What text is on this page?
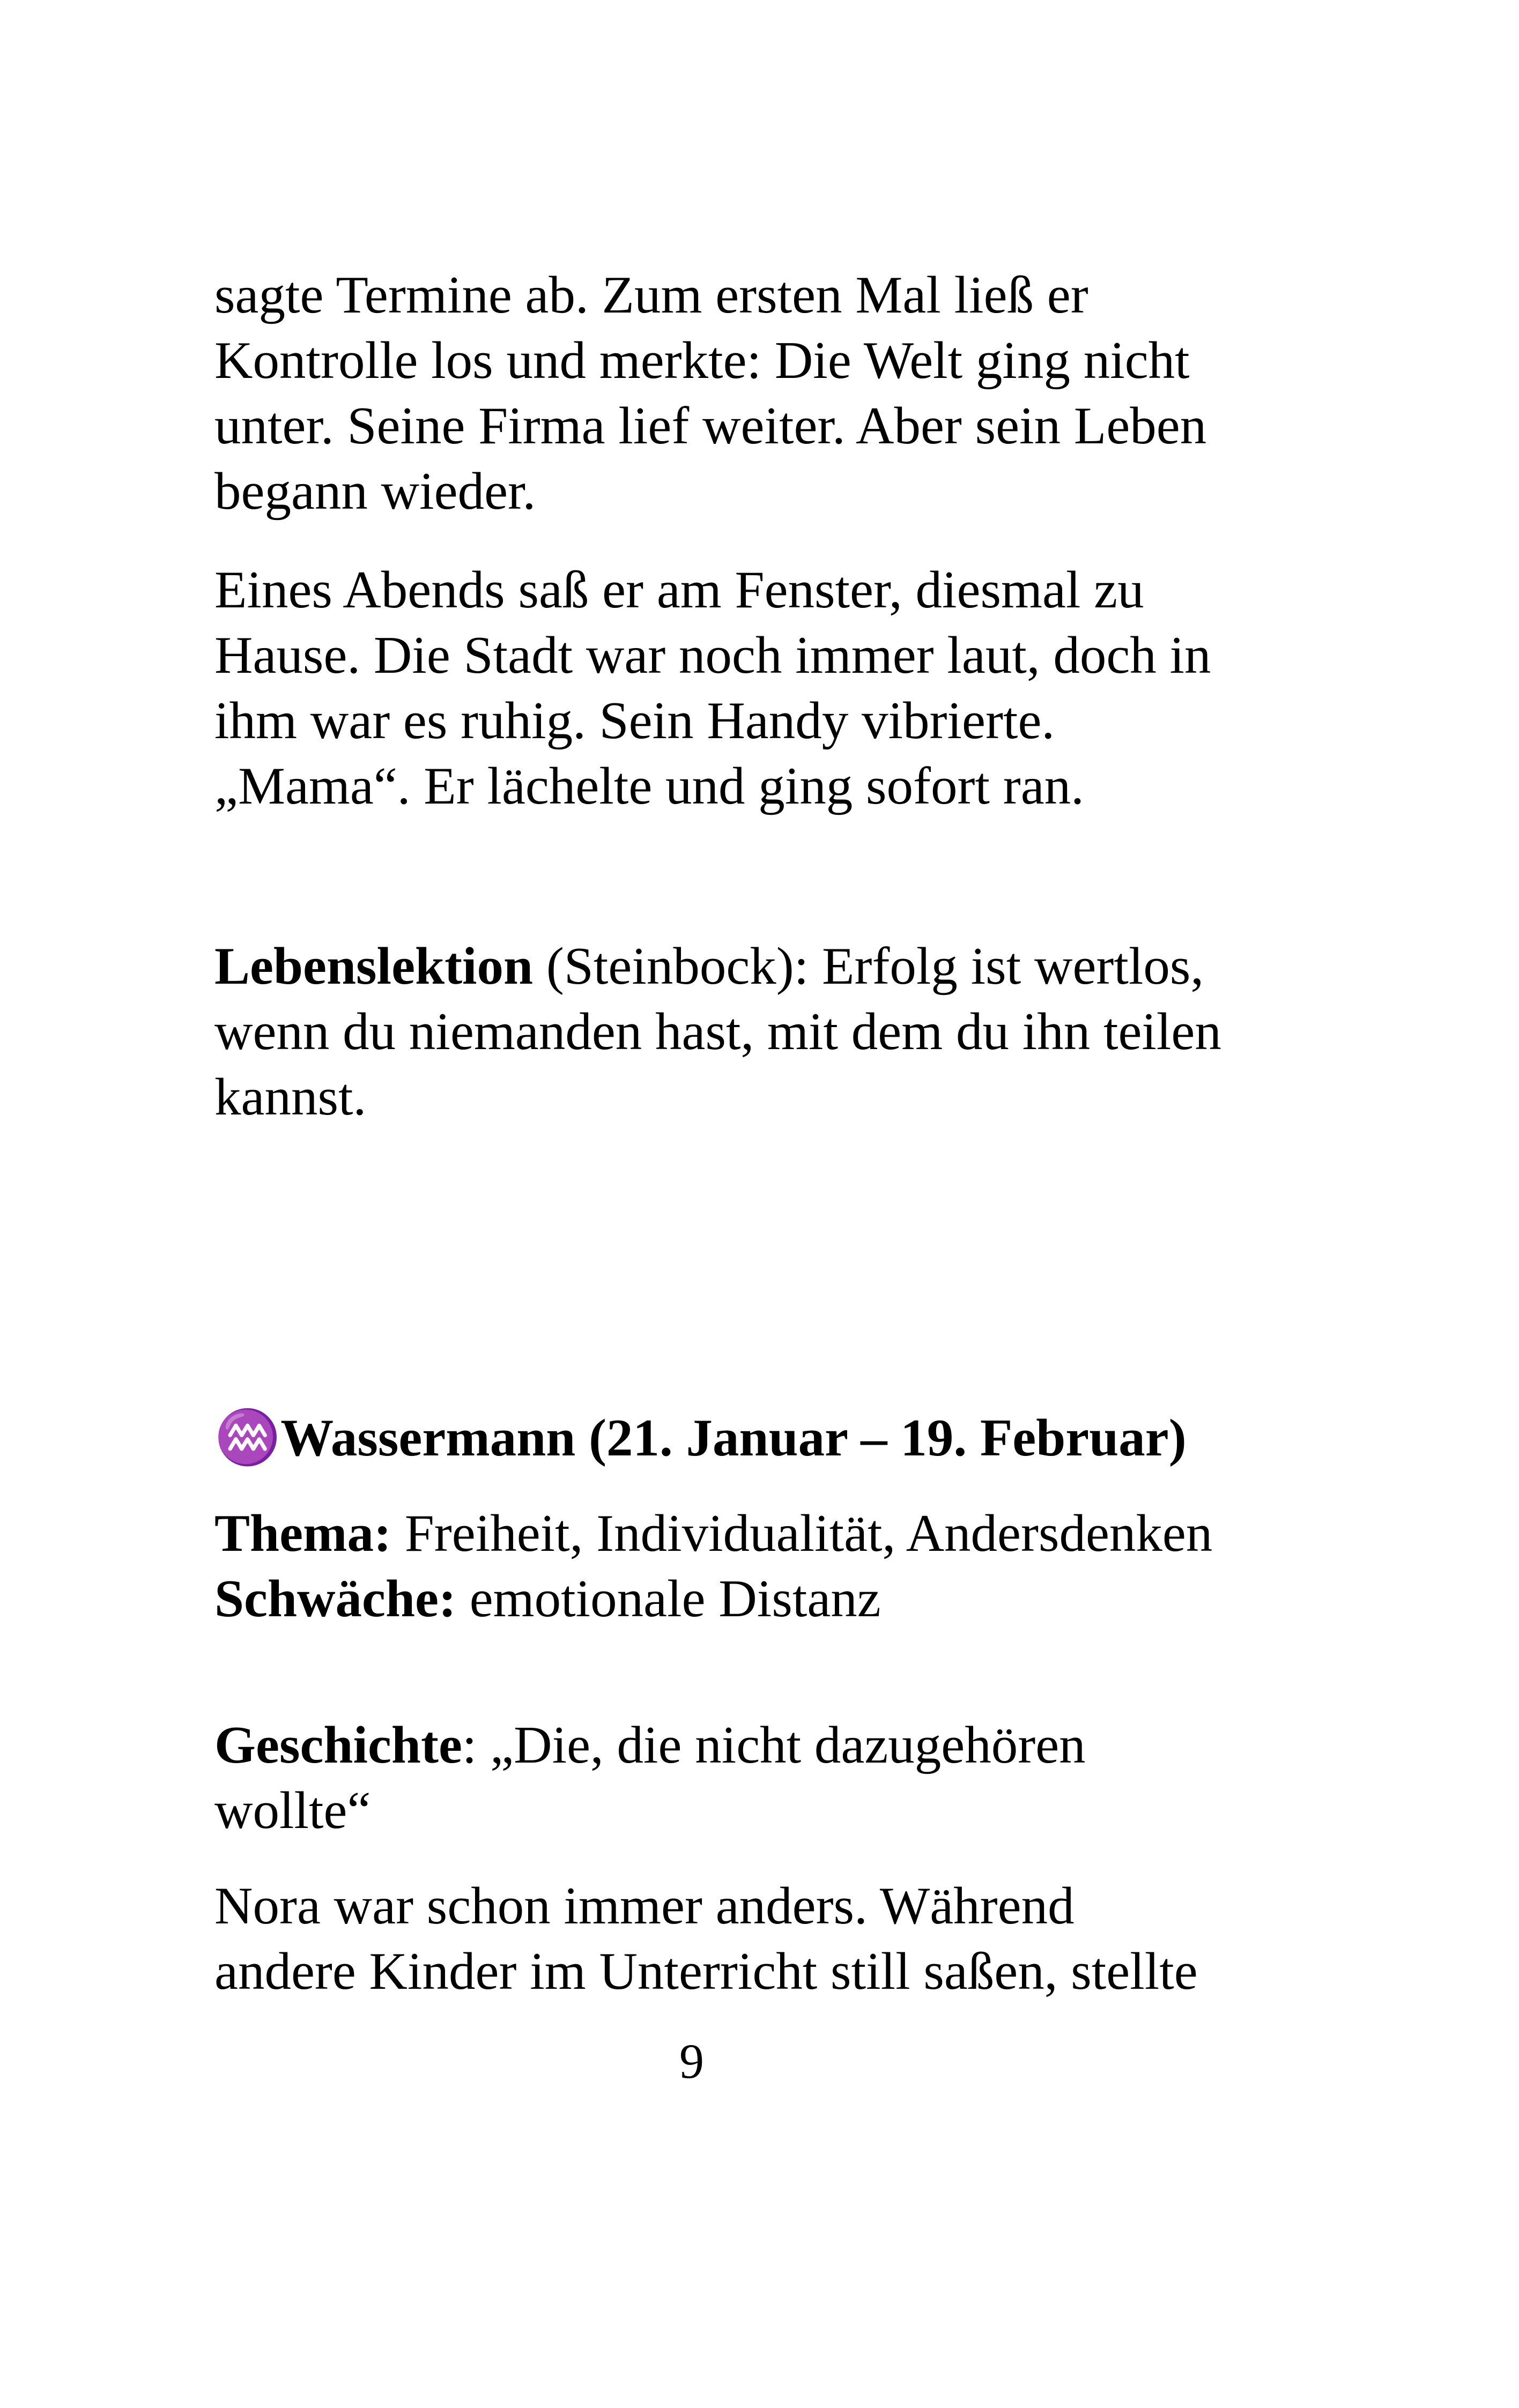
sagte Termine ab. Zum ersten Mal ließ er
Kontrolle los und merkte: Die Welt ging nicht
unter. Seine Firma lief weiter. Aber sein Leben
begann wieder.
Eines Abends saß er am Fenster, diesmal zu
Hause. Die Stadt war noch immer laut, doch in
ihm war es ruhig. Sein Handy vibrierte.
„Mama“. Er lächelte und ging sofort ran.
Lebenslektion (Steinbock): Erfolg ist wertlos,
wenn du niemanden hast, mit dem du ihn teilen
kannst.
♒Wassermann (21. Januar – 19. Februar)
Thema: Freiheit, Individualität, Andersdenken
Schwäche: emotionale Distanz
Geschichte: „Die, die nicht dazugehören
wollte“
Nora war schon immer anders. Während
andere Kinder im Unterricht still saßen, stellte
9
